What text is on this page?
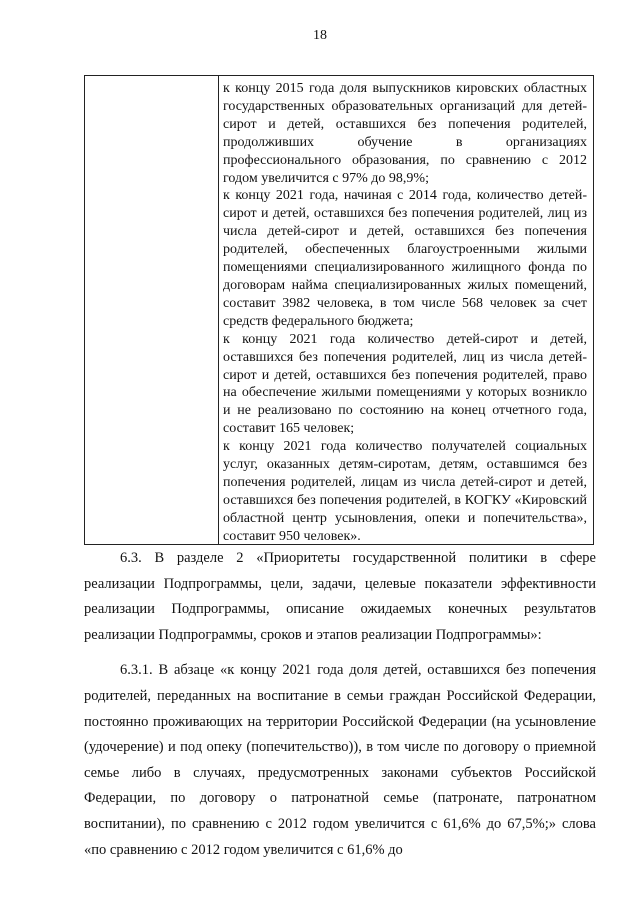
18

к концу 2015 года доля выпускников кировских областных государственных образовательных организаций для детей-сирот и детей, оставшихся без попечения родителей, продолживших обучение в организациях профессионального образования, по сравнению с 2012 годом увеличится с 97% до 98,9%;

к концу 2021 года, начиная с 2014 года, количество детей-сирот и детей, оставшихся без попечения родителей, лиц из числа детей-сирот и детей, оставшихся без попечения родителей, обеспеченных благоустроенными жилыми помещениями специализированного жилищного фонда по договорам найма специализированных жилых помещений, составит 3982 человека, в том числе 568 человек за счет средств федерального бюджета;

к концу 2021 года количество детей-сирот и детей, оставшихся без попечения родителей, лиц из числа детей-сирот и детей, оставшихся без попечения родителей, право на обеспечение жилыми помещениями у которых возникло и не реализовано по состоянию на конец отчетного года, составит 165 человек;

к концу 2021 года количество получателей социальных услуг, оказанных детям-сиротам, детям, оставшимся без попечения родителей, лицам из числа детей-сирот и детей, оставшихся без попечения родителей, в КОГКУ «Кировский областной центр усыновления, опеки и попечительства», составит 950 человек».

6.3. В разделе 2 «Приоритеты государственной политики в сфере реализации Подпрограммы, цели, задачи, целевые показатели эффективности реализации Подпрограммы, описание ожидаемых конечных результатов реализации Подпрограммы, сроков и этапов реализации Подпрограммы»:

6.3.1. В абзаце «к концу 2021 года доля детей, оставшихся без попечения родителей, переданных на воспитание в семьи граждан Российской Федерации, постоянно проживающих на территории Российской Федерации (на усыновление (удочерение) и под опеку (попечительство)), в том числе по договору о приемной семье либо в случаях, предусмотренных законами субъектов Российской Федерации, по договору о патронатной семье (патронате, патронатном воспитании), по сравнению с 2012 годом увеличится с 61,6% до 67,5%;» слова «по сравнению с 2012 годом увеличится с 61,6% до
